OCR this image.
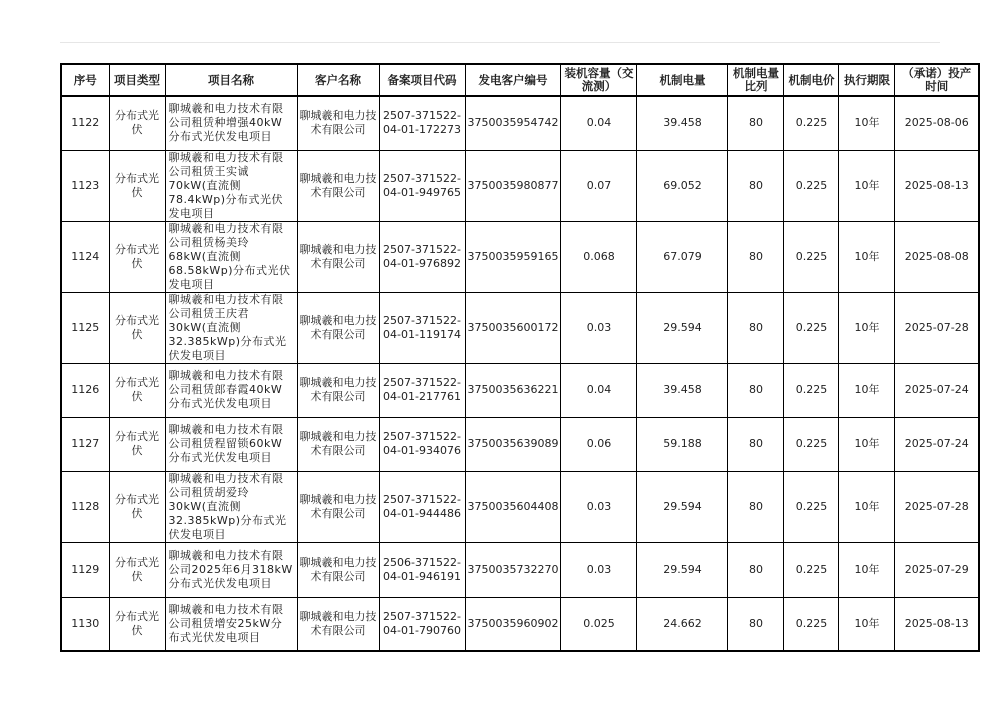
序号	项目类型	项目名称	客户名称	备案项目代码	发电客户编号	装机容量（交流测）	机制电量	机制电量比列	机制电价	执行期限	（承诺）投产时间
1122	分布式光伏	聊城羲和电力技术有限公司租赁种增强40kW分布式光伏发电项目	聊城羲和电力技术有限公司	2507-371522-04-01-172273	3750035954742	0.04	39.458	80	0.225	10年	2025-08-06
1123	分布式光伏	聊城羲和电力技术有限公司租赁王实诚70kW(直流侧78.4kWp)分布式光伏发电项目	聊城羲和电力技术有限公司	2507-371522-04-01-949765	3750035980877	0.07	69.052	80	0.225	10年	2025-08-13
1124	分布式光伏	聊城羲和电力技术有限公司租赁杨美玲68kW(直流侧68.58kWp)分布式光伏发电项目	聊城羲和电力技术有限公司	2507-371522-04-01-976892	3750035959165	0.068	67.079	80	0.225	10年	2025-08-08
1125	分布式光伏	聊城羲和电力技术有限公司租赁王庆君30kW(直流侧32.385kWp)分布式光伏发电项目	聊城羲和电力技术有限公司	2507-371522-04-01-119174	3750035600172	0.03	29.594	80	0.225	10年	2025-07-28
1126	分布式光伏	聊城羲和电力技术有限公司租赁郎春霞40kW分布式光伏发电项目	聊城羲和电力技术有限公司	2507-371522-04-01-217761	3750035636221	0.04	39.458	80	0.225	10年	2025-07-24
1127	分布式光伏	聊城羲和电力技术有限公司租赁程留锁60kW分布式光伏发电项目	聊城羲和电力技术有限公司	2507-371522-04-01-934076	3750035639089	0.06	59.188	80	0.225	10年	2025-07-24
1128	分布式光伏	聊城羲和电力技术有限公司租赁胡爱玲30kW(直流侧32.385kWp)分布式光伏发电项目	聊城羲和电力技术有限公司	2507-371522-04-01-944486	3750035604408	0.03	29.594	80	0.225	10年	2025-07-28
1129	分布式光伏	聊城羲和电力技术有限公司2025年6月318kW分布式光伏发电项目	聊城羲和电力技术有限公司	2506-371522-04-01-946191	3750035732270	0.03	29.594	80	0.225	10年	2025-07-29
1130	分布式光伏	聊城羲和电力技术有限公司租赁增安25kW分布式光伏发电项目	聊城羲和电力技术有限公司	2507-371522-04-01-790760	3750035960902	0.025	24.662	80	0.225	10年	2025-08-13
